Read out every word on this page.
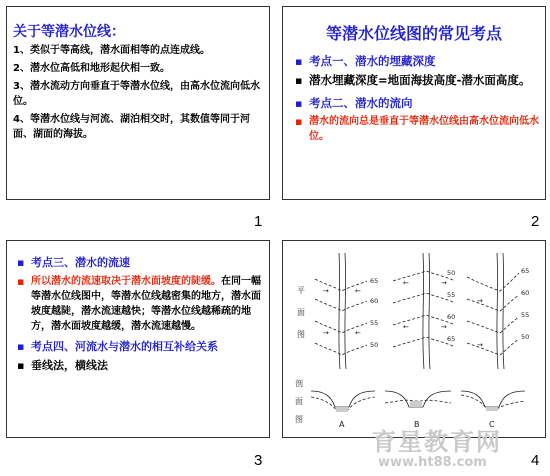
关于等潜水位线：
1、类似于等高线，潜水面相等的点连成线。
2、潜水位高低和地形起伏相一致。
3、潜水流动方向垂直于等潜水位线，由高水位流向低水位。
4、等潜水位线与河流、湖泊相交时，其数值等同于河面、湖面的海拔。
1
等潜水位线图的常见考点
▪ 考点一、潜水的埋藏深度
▪ 潜水埋藏深度=地面海拔高度-潜水面高度。
▪ 考点二、潜水的流向
▪ 潜水的流向总是垂直于等潜水位线由高水位流向低水位。
2
▪ 考点三、潜水的流速
▪ 所以潜水的流速取决于潜水面坡度的陡缓。在同一幅等潜水位线图中，等潜水位线越密集的地方，潜水面坡度越陡，潜水流速越快；等潜水位线越稀疏的地方，潜水面坡度越缓，潜水流速越慢。
▪ 考点四、河流水与潜水的相互补给关系
▪ 垂线法，横线法
3
平
面
图
剖
面
图
→	←
→	←
←	→
←	→
→
→
65
60
55
50
50
55
60
65
65
60
55
50
A	B	C
4
育星教育网
www.ht88.com
